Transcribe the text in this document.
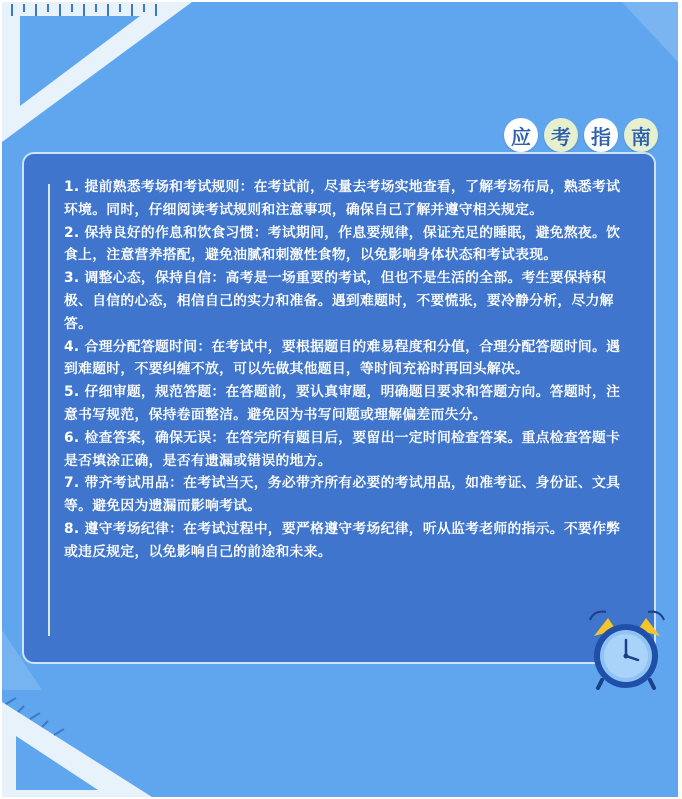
应	考	指	南

1. 提前熟悉考场和考试规则：在考试前，尽量去考场实地查看，了解考场布局，熟悉考试环境。同时，仔细阅读考试规则和注意事项，确保自己了解并遵守相关规定。

2. 保持良好的作息和饮食习惯：考试期间，作息要规律，保证充足的睡眠，避免熬夜。饮食上，注意营养搭配，避免油腻和刺激性食物，以免影响身体状态和考试表现。

3. 调整心态，保持自信：高考是一场重要的考试，但也不是生活的全部。考生要保持积极、自信的心态，相信自己的实力和准备。遇到难题时，不要慌张，要冷静分析，尽力解答。

4. 合理分配答题时间：在考试中，要根据题目的难易程度和分值，合理分配答题时间。遇到难题时，不要纠缠不放，可以先做其他题目，等时间充裕时再回头解决。

5. 仔细审题，规范答题：在答题前，要认真审题，明确题目要求和答题方向。答题时，注意书写规范，保持卷面整洁。避免因为书写问题或理解偏差而失分。

6. 检查答案，确保无误：在答完所有题目后，要留出一定时间检查答案。重点检查答题卡是否填涂正确，是否有遗漏或错误的地方。

7. 带齐考试用品：在考试当天，务必带齐所有必要的考试用品，如准考证、身份证、文具等。避免因为遗漏而影响考试。

8. 遵守考场纪律：在考试过程中，要严格遵守考场纪律，听从监考老师的指示。不要作弊或违反规定，以免影响自己的前途和未来。
